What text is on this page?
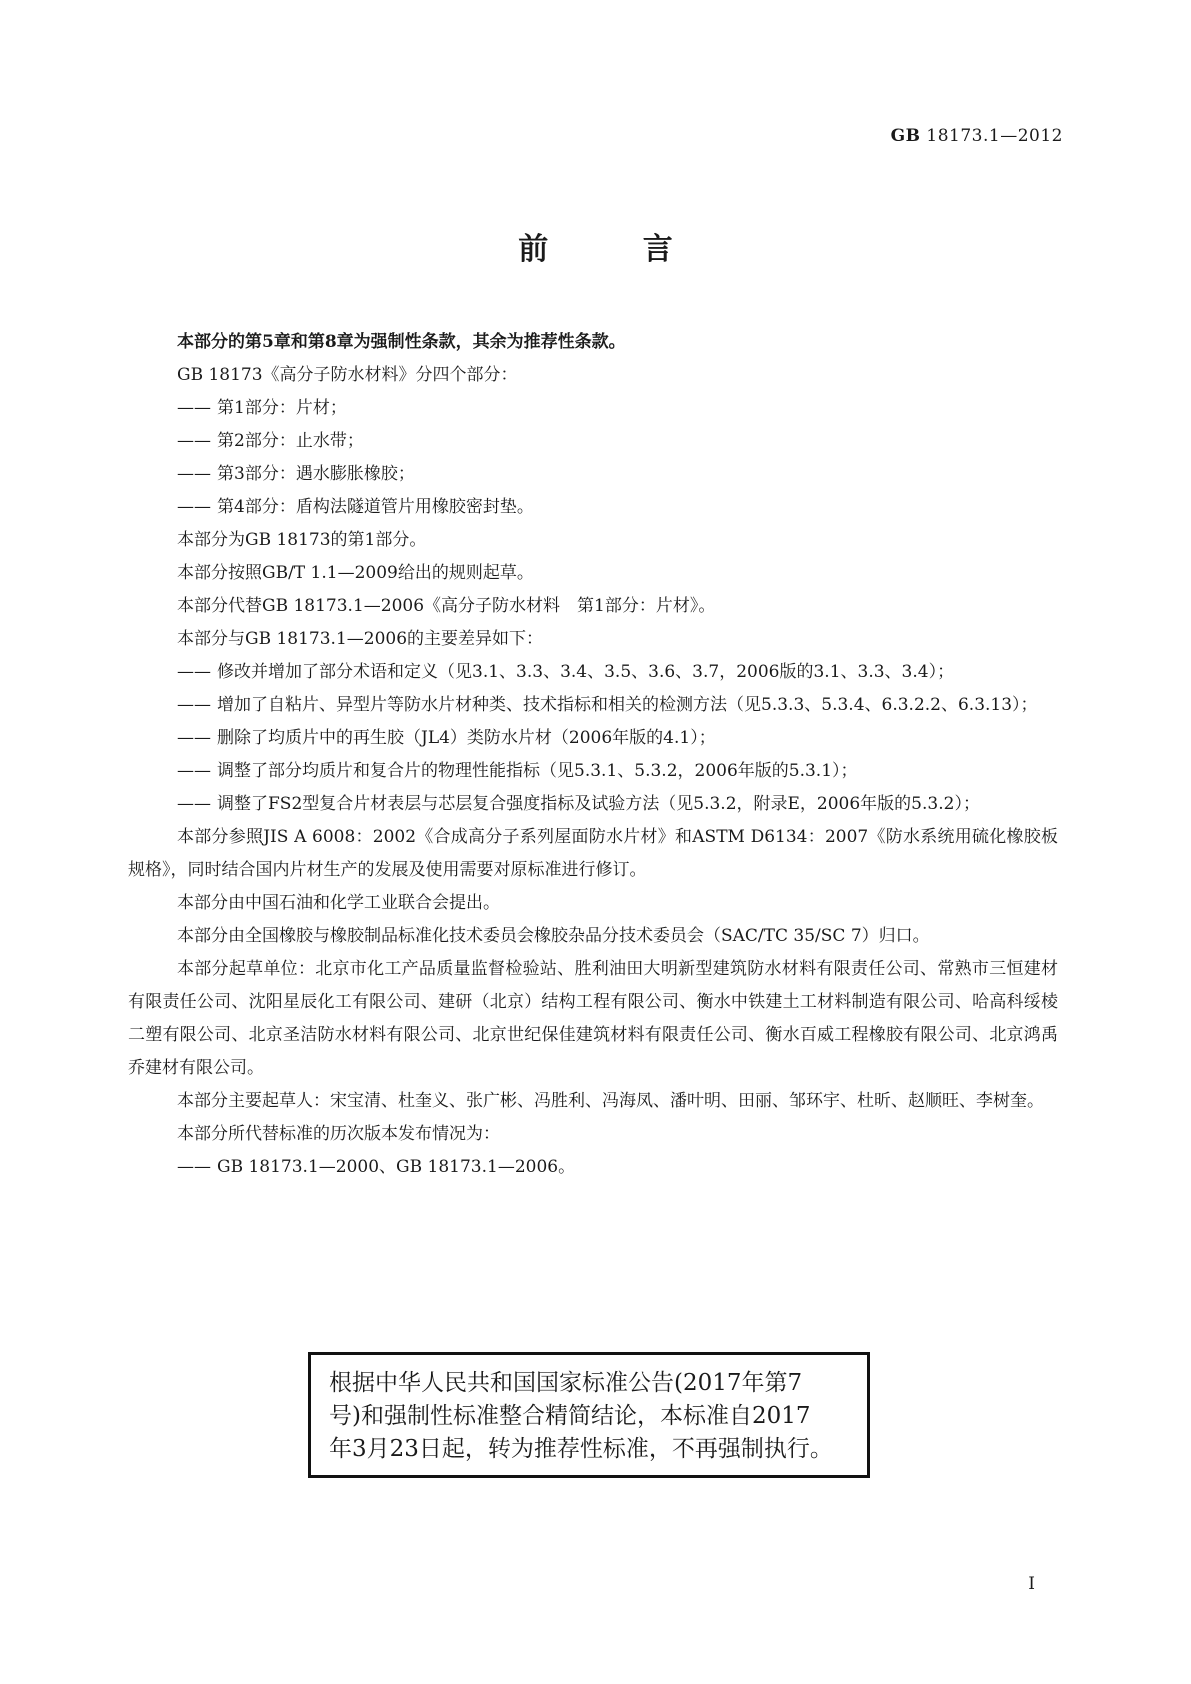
GB 18173.1—2012
前 言

本部分的第5章和第8章为强制性条款，其余为推荐性条款。

GB 18173《高分子防水材料》分四个部分：

—— 第1部分：片材；

—— 第2部分：止水带；

—— 第3部分：遇水膨胀橡胶；

—— 第4部分：盾构法隧道管片用橡胶密封垫。

本部分为GB 18173的第1部分。

本部分按照GB/T 1.1—2009给出的规则起草。

本部分代替GB 18173.1—2006《高分子防水材料　第1部分：片材》。

本部分与GB 18173.1—2006的主要差异如下：

—— 修改并增加了部分术语和定义（见3.1、3.3、3.4、3.5、3.6、3.7，2006版的3.1、3.3、3.4）；

—— 增加了自粘片、异型片等防水片材种类、技术指标和相关的检测方法（见5.3.3、5.3.4、6.3.2.2、6.3.13）；

—— 删除了均质片中的再生胶（JL4）类防水片材（2006年版的4.1）；

—— 调整了部分均质片和复合片的物理性能指标（见5.3.1、5.3.2，2006年版的5.3.1）；

—— 调整了FS2型复合片材表层与芯层复合强度指标及试验方法（见5.3.2，附录E，2006年版的5.3.2）；

本部分参照JIS A 6008：2002《合成高分子系列屋面防水片材》和ASTM D6134：2007《防水系统用硫化橡胶板规格》，同时结合国内片材生产的发展及使用需要对原标准进行修订。

本部分由中国石油和化学工业联合会提出。

本部分由全国橡胶与橡胶制品标准化技术委员会橡胶杂品分技术委员会（SAC/TC 35/SC 7）归口。

本部分起草单位：北京市化工产品质量监督检验站、胜利油田大明新型建筑防水材料有限责任公司、常熟市三恒建材有限责任公司、沈阳星辰化工有限公司、建研（北京）结构工程有限公司、衡水中铁建土工材料制造有限公司、哈高科绥棱二塑有限公司、北京圣洁防水材料有限公司、北京世纪保佳建筑材料有限责任公司、衡水百威工程橡胶有限公司、北京鸿禹乔建材有限公司。

本部分主要起草人：宋宝清、杜奎义、张广彬、冯胜利、冯海凤、潘叶明、田丽、邹环宇、杜昕、赵顺旺、李树奎。

本部分所代替标准的历次版本发布情况为：

—— GB 18173.1—2000、GB 18173.1—2006。

根据中华人民共和国国家标准公告(2017年第7
号)和强制性标准整合精简结论，本标准自2017
年3月23日起，转为推荐性标准，不再强制执行。
I
